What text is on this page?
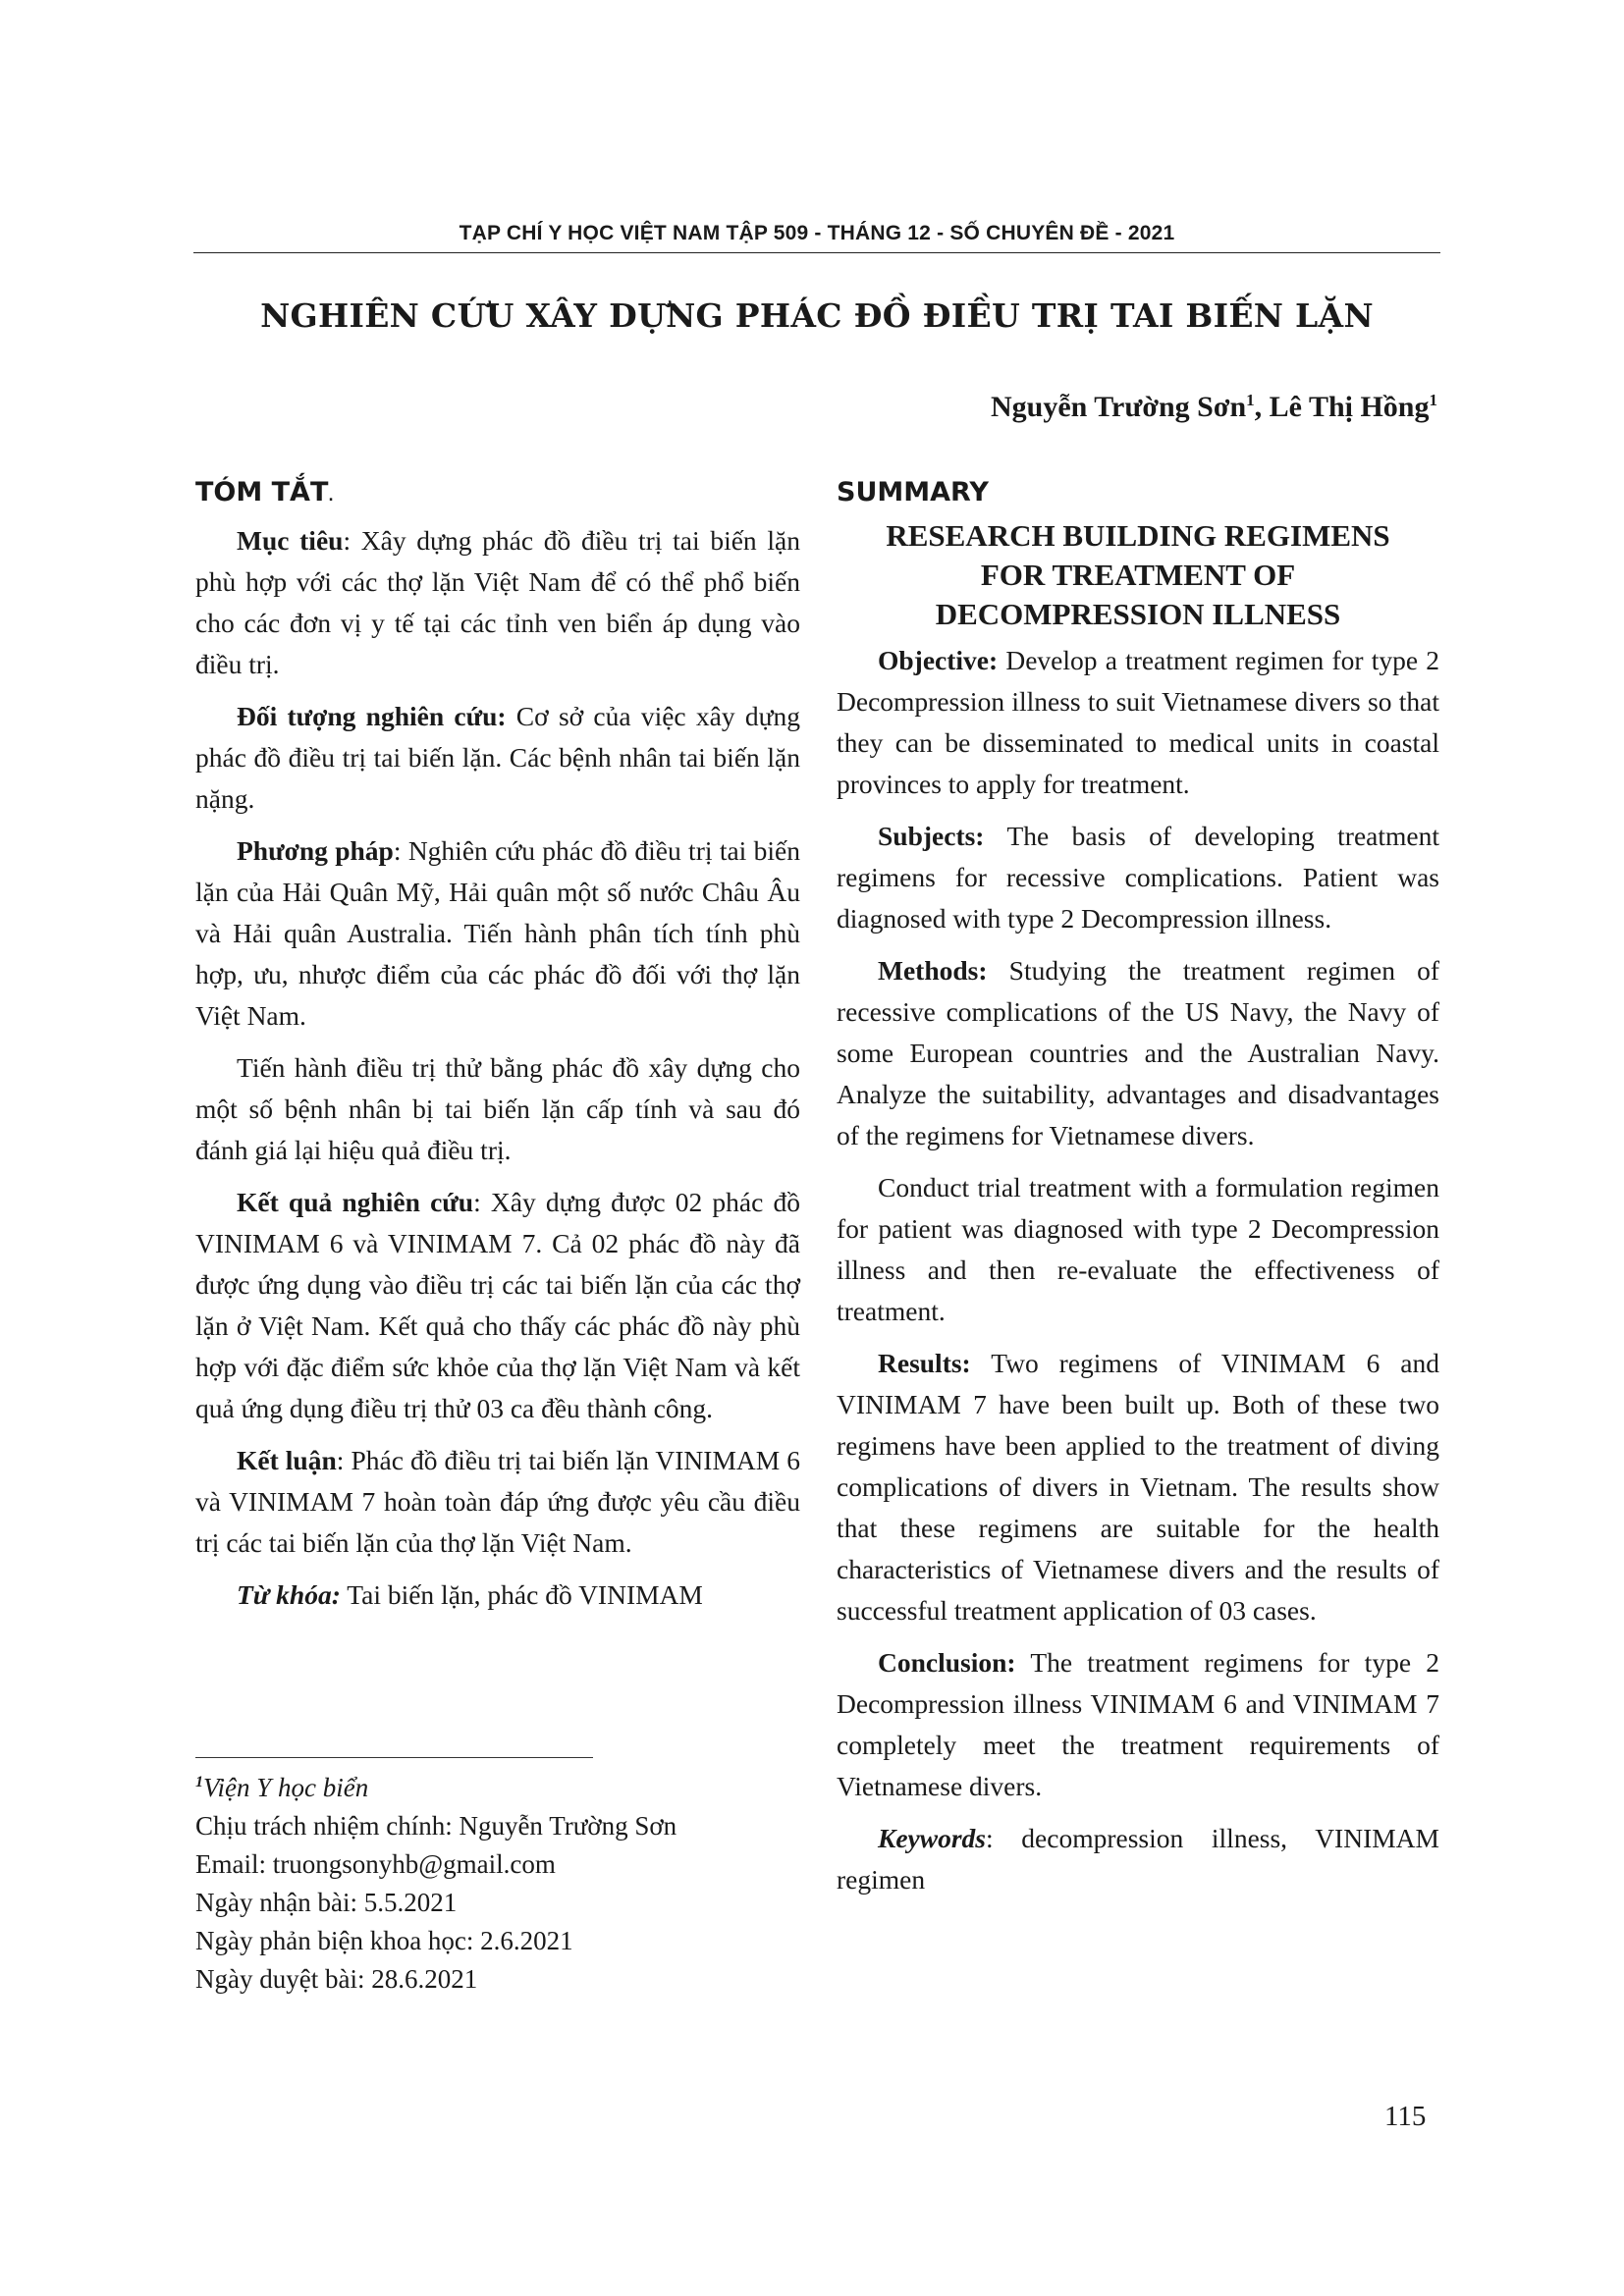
TẠP CHÍ Y HỌC VIỆT NAM TẬP 509 - THÁNG 12 - SỐ CHUYÊN ĐỀ - 2021
NGHIÊN CỨU XÂY DỰNG PHÁC ĐỒ ĐIỀU TRỊ TAI BIẾN LẶN
Nguyễn Trường Sơn$^1$, Lê Thị Hồng$^1$
TÓM TẮT.

Mục tiêu: Xây dựng phác đồ điều trị tai biến lặn phù hợp với các thợ lặn Việt Nam để có thể phổ biến cho các đơn vị y tế tại các tỉnh ven biển áp dụng vào điều trị.

Đối tượng nghiên cứu: Cơ sở của việc xây dựng phác đồ điều trị tai biến lặn. Các bệnh nhân tai biến lặn nặng.

Phương pháp: Nghiên cứu phác đồ điều trị tai biến lặn của Hải Quân Mỹ, Hải quân một số nước Châu Âu và Hải quân Australia. Tiến hành phân tích tính phù hợp, ưu, nhược điểm của các phác đồ đối với thợ lặn Việt Nam.

Tiến hành điều trị thử bằng phác đồ xây dựng cho một số bệnh nhân bị tai biến lặn cấp tính và sau đó đánh giá lại hiệu quả điều trị.

Kết quả nghiên cứu: Xây dựng được 02 phác đồ VINIMAM 6 và VINIMAM 7. Cả 02 phác đồ này đã được ứng dụng vào điều trị các tai biến lặn của các thợ lặn ở Việt Nam. Kết quả cho thấy các phác đồ này phù hợp với đặc điểm sức khỏe của thợ lặn Việt Nam và kết quả ứng dụng điều trị thử 03 ca đều thành công.

Kết luận: Phác đồ điều trị tai biến lặn VINIMAM 6 và VINIMAM 7 hoàn toàn đáp ứng được yêu cầu điều trị các tai biến lặn của thợ lặn Việt Nam.

Từ khóa: Tai biến lặn, phác đồ VINIMAM

SUMMARY
RESEARCH BUILDING REGIMENS
FOR TREATMENT OF
DECOMPRESSION ILLNESS

Objective: Develop a treatment regimen for type 2 Decompression illness to suit Vietnamese divers so that they can be disseminated to medical units in coastal provinces to apply for treatment.

Subjects: The basis of developing treatment regimens for recessive complications. Patient was diagnosed with type 2 Decompression illness.

Methods: Studying the treatment regimen of recessive complications of the US Navy, the Navy of some European countries and the Australian Navy. Analyze the suitability, advantages and disadvantages of the regimens for Vietnamese divers.

Conduct trial treatment with a formulation regimen for patient was diagnosed with type 2 Decompression illness and then re-evaluate the effectiveness of treatment.

Results: Two regimens of VINIMAM 6 and VINIMAM 7 have been built up. Both of these two regimens have been applied to the treatment of diving complications of divers in Vietnam. The results show that these regimens are suitable for the health characteristics of Vietnamese divers and the results of successful treatment application of 03 cases.

Conclusion: The treatment regimens for type 2 Decompression illness VINIMAM 6 and VINIMAM 7 completely meet the treatment requirements of Vietnamese divers.

Keywords: decompression illness, VINIMAM regimen

$^1$Viện Y học biển

Chịu trách nhiệm chính: Nguyễn Trường Sơn

Email: truongsonyhb@gmail.com

Ngày nhận bài: 5.5.2021

Ngày phản biện khoa học: 2.6.2021

Ngày duyệt bài: 28.6.2021

115
